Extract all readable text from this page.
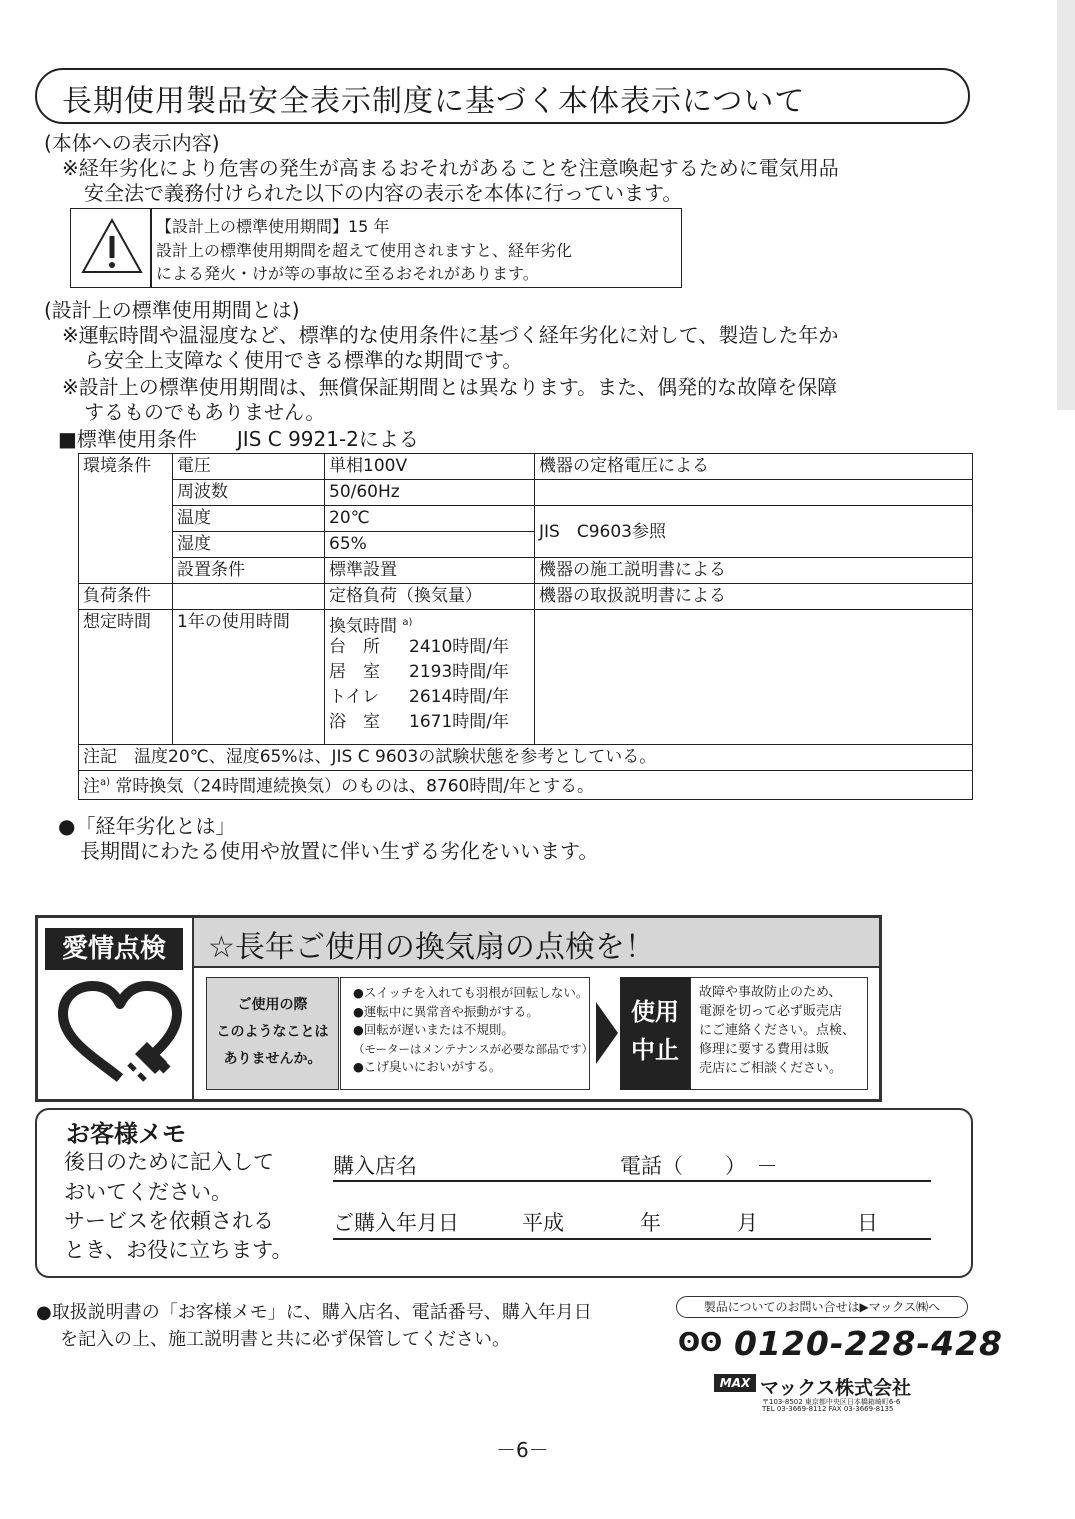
長期使用製品安全表示制度に基づく本体表示について
(本体への表示内容)
※経年劣化により危害の発生が高まるおそれがあることを注意喚起するために電気用品
安全法で義務付けられた以下の内容の表示を本体に行っています。
【設計上の標準使用期間】15 年
設計上の標準使用期間を超えて使用されますと、経年劣化
による発火・けが等の事故に至るおそれがあります。
(設計上の標準使用期間とは)
※運転時間や温湿度など、標準的な使用条件に基づく経年劣化に対して、製造した年か
ら安全上支障なく使用できる標準的な期間です。
※設計上の標準使用期間は、無償保証期間とは異なります。また、偶発的な故障を保障
するものでもありません。
■標準使用条件　　JIS C 9921-2による
環境条件	電圧	単相100V	機器の定格電圧による
	周波数	50/60Hz	
	温度	20℃	JIS　C9603参照
	湿度	65%	
	設置条件	標準設置	機器の施工説明書による
負荷条件		定格負荷（換気量）	機器の取扱説明書による
想定時間	1年の使用時間	換気時間 $^{a)}$
台　所 2410時間/年
居　室 2193時間/年
トイレ 2614時間/年
浴　室 1671時間/年	

注記　温度20℃、湿度65%は、JIS C 9603の試験状態を参考としている。			
注$^{a)}$ 常時換気（24時間連続換気）のものは、8760時間/年とする。			
●「経年劣化とは」
長期間にわたる使用や放置に伴い生ずる劣化をいいます。
愛情点検	☆長年ご使用の換気扇の点検を！
ご使用の際
このようなことは
ありませんか。
●スイッチを入れても羽根が回転しない。
●運転中に異常音や振動がする。
●回転が遅いまたは不規則。
（モーターはメンテナンスが必要な部品です）
●こげ臭いにおいがする。
使用
中止
故障や事故防止のため、
電源を切って必ず販売店
にご連絡ください。点検、
修理に要する費用は販
売店にご相談ください。
お客様メモ
後日のために記入して
おいてください。
サービスを依頼される
とき、お役に立ちます。
購入店名	電話（　　）　－
ご購入年月日	平成	年	月	日
●取扱説明書の「お客様メモ」に、購入店名、電話番号、購入年月日
を記入の上、施工説明書と共に必ず保管してください。
製品についてのお問い合せは▶マックス㈱へ
ʘʘ 0120-228-428
MAX マックス株式会社
〒103-8502 東京都中央区日本橋箱崎町6-6
TEL 03-3669-8112 FAX 03-3669-8135
－6－
